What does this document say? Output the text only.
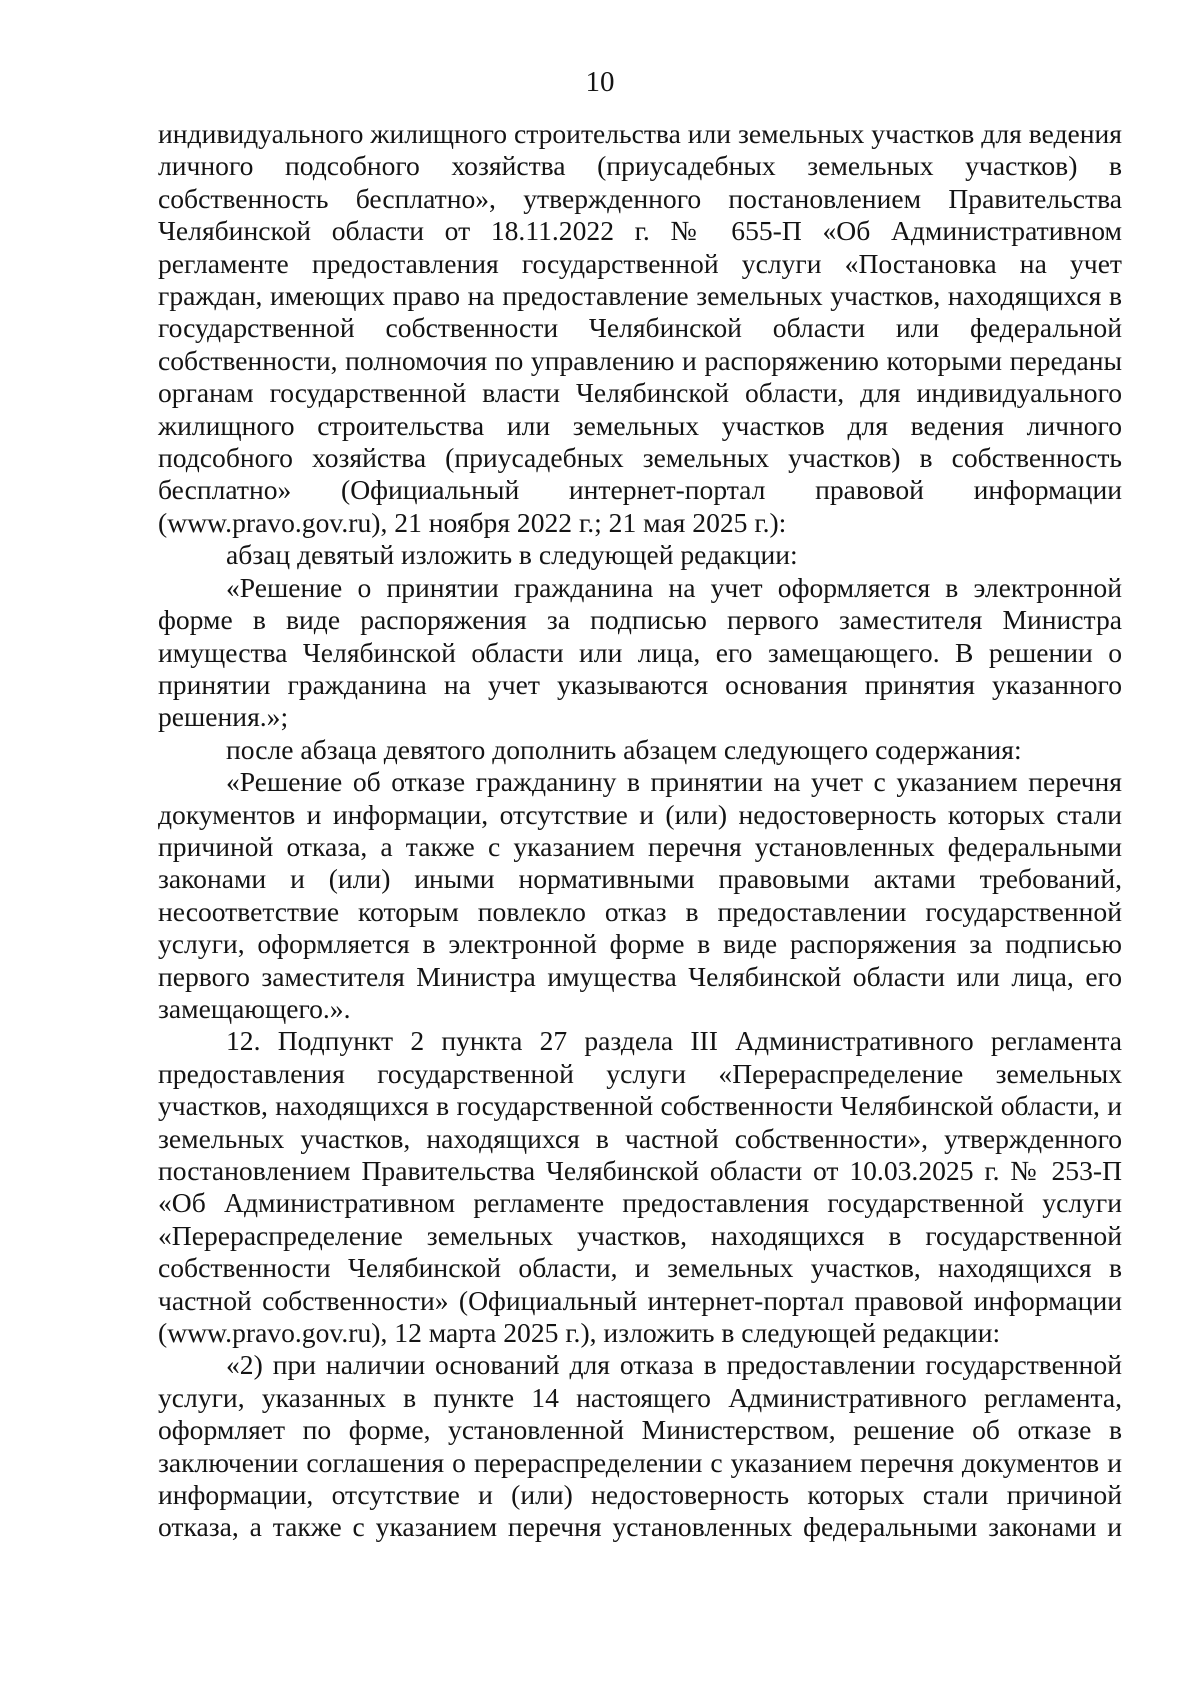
10

индивидуального жилищного строительства или земельных участков для ведения личного подсобного хозяйства (приусадебных земельных участков) в собственность бесплатно», утвержденного постановлением Правительства Челябинской области от 18.11.2022 г. № 655-П «Об Административном регламенте предоставления государственной услуги «Постановка на учет граждан, имеющих право на предоставление земельных участков, находящихся в государственной собственности Челябинской области или федеральной собственности, полномочия по управлению и распоряжению которыми переданы органам государственной власти Челябинской области, для индивидуального жилищного строительства или земельных участков для ведения личного подсобного хозяйства (приусадебных земельных участков) в собственность бесплатно» (Официальный интернет-портал правовой информации (www.pravo.gov.ru), 21 ноября 2022 г.; 21 мая 2025 г.):

абзац девятый изложить в следующей редакции:

«Решение о принятии гражданина на учет оформляется в электронной форме в виде распоряжения за подписью первого заместителя Министра имущества Челябинской области или лица, его замещающего. В решении о принятии гражданина на учет указываются основания принятия указанного решения.»;

после абзаца девятого дополнить абзацем следующего содержания:

«Решение об отказе гражданину в принятии на учет с указанием перечня документов и информации, отсутствие и (или) недостоверность которых стали причиной отказа, а также с указанием перечня установленных федеральными законами и (или) иными нормативными правовыми актами требований, несоответствие которым повлекло отказ в предоставлении государственной услуги, оформляется в электронной форме в виде распоряжения за подписью первого заместителя Министра имущества Челябинской области или лица, его замещающего.».

12. Подпункт 2 пункта 27 раздела III Административного регламента предоставления государственной услуги «Перераспределение земельных участков, находящихся в государственной собственности Челябинской области, и земельных участков, находящихся в частной собственности», утвержденного постановлением Правительства Челябинской области от 10.03.2025 г. № 253-П «Об Административном регламенте предоставления государственной услуги «Перераспределение земельных участков, находящихся в государственной собственности Челябинской области, и земельных участков, находящихся в частной собственности» (Официальный интернет-портал правовой информации (www.pravo.gov.ru), 12 марта 2025 г.), изложить в следующей редакции:

«2) при наличии оснований для отказа в предоставлении государственной услуги, указанных в пункте 14 настоящего Административного регламента, оформляет по форме, установленной Министерством, решение об отказе в заключении соглашения о перераспределении с указанием перечня документов и информации, отсутствие и (или) недостоверность которых стали причиной отказа, а также с указанием перечня установленных федеральными законами и
